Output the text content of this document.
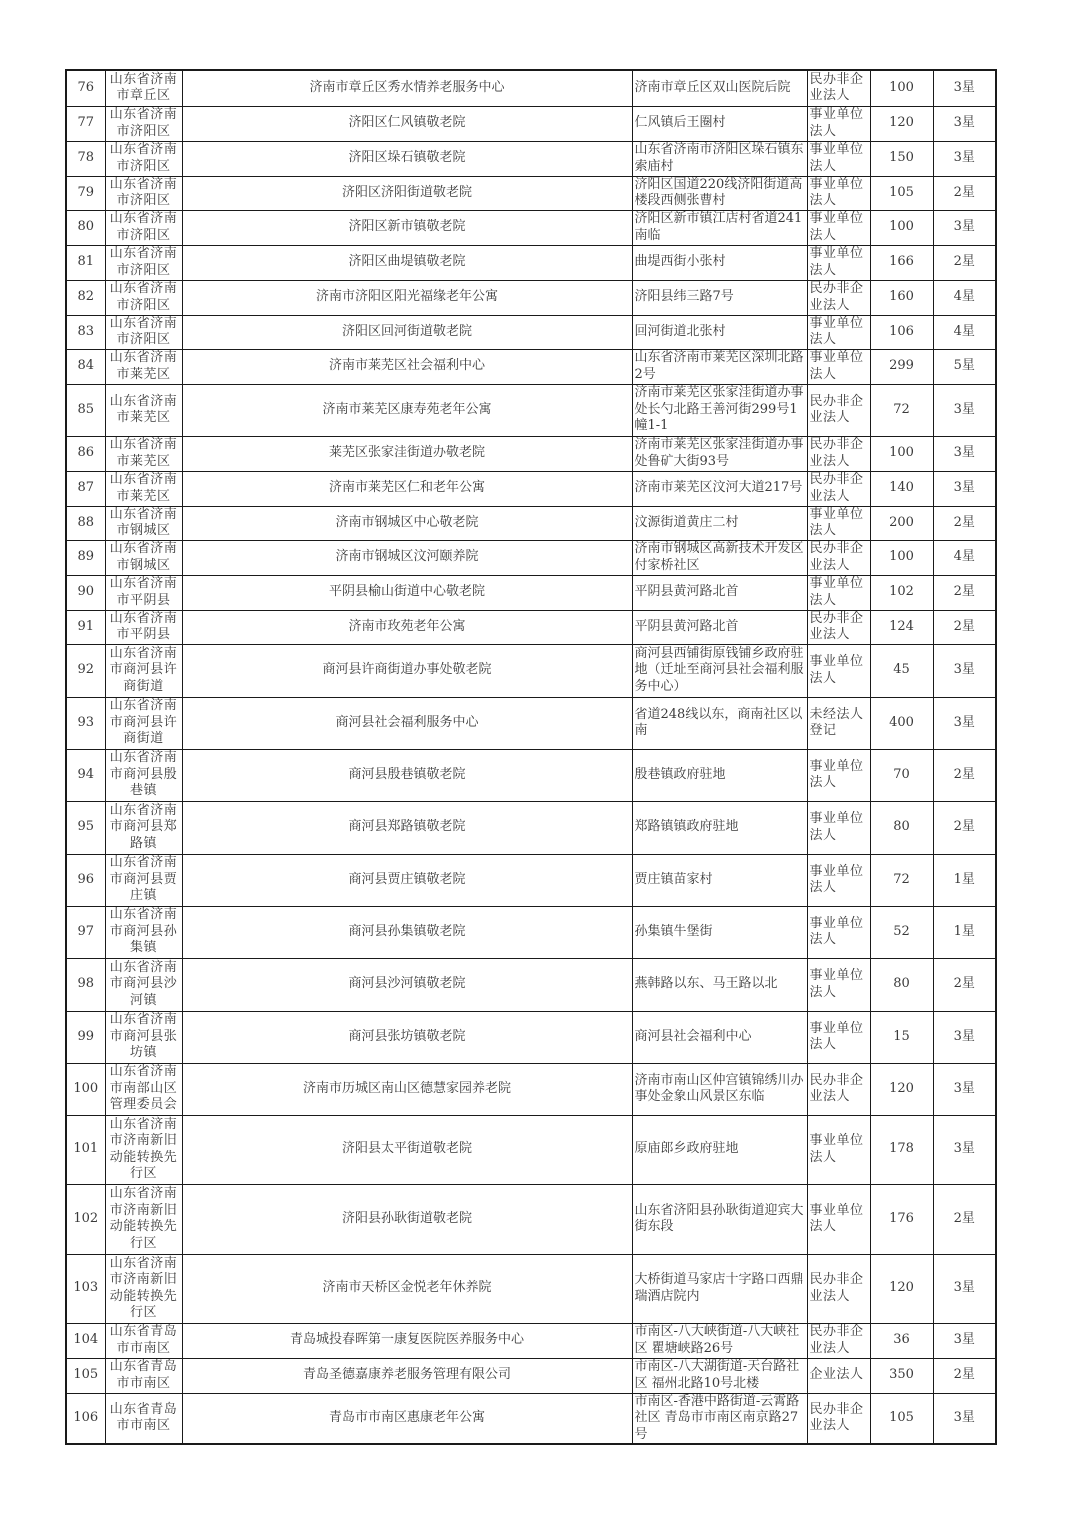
76	山东省济南市章丘区	济南市章丘区秀水情养老服务中心	济南市章丘区双山医院后院	民办非企业法人	100	3星
77	山东省济南市济阳区	济阳区仁风镇敬老院	仁风镇后王圈村	事业单位法人	120	3星
78	山东省济南市济阳区	济阳区垛石镇敬老院	山东省济南市济阳区垛石镇东索庙村	事业单位法人	150	3星
79	山东省济南市济阳区	济阳区济阳街道敬老院	济阳区国道220线济阳街道高楼段西侧张曹村	事业单位法人	105	2星
80	山东省济南市济阳区	济阳区新市镇敬老院	济阳区新市镇江店村省道241南临	事业单位法人	100	3星
81	山东省济南市济阳区	济阳区曲堤镇敬老院	曲堤西街小张村	事业单位法人	166	2星
82	山东省济南市济阳区	济南市济阳区阳光福缘老年公寓	济阳县纬三路7号	民办非企业法人	160	4星
83	山东省济南市济阳区	济阳区回河街道敬老院	回河街道北张村	事业单位法人	106	4星
84	山东省济南市莱芜区	济南市莱芜区社会福利中心	山东省济南市莱芜区深圳北路2号	事业单位法人	299	5星
85	山东省济南市莱芜区	济南市莱芜区康寿苑老年公寓	济南市莱芜区张家洼街道办事处长勺北路王善河街299号1幢1-1	民办非企业法人	72	3星
86	山东省济南市莱芜区	莱芜区张家洼街道办敬老院	济南市莱芜区张家洼街道办事处鲁矿大街93号	民办非企业法人	100	3星
87	山东省济南市莱芜区	济南市莱芜区仁和老年公寓	济南市莱芜区汶河大道217号	民办非企业法人	140	3星
88	山东省济南市钢城区	济南市钢城区中心敬老院	汶源街道黄庄二村	事业单位法人	200	2星
89	山东省济南市钢城区	济南市钢城区汶河颐养院	济南市钢城区高新技术开发区付家桥社区	民办非企业法人	100	4星
90	山东省济南市平阴县	平阴县榆山街道中心敬老院	平阴县黄河路北首	事业单位法人	102	2星
91	山东省济南市平阴县	济南市玫苑老年公寓	平阴县黄河路北首	民办非企业法人	124	2星
92	山东省济南市商河县许商街道	商河县许商街道办事处敬老院	商河县西铺街原钱铺乡政府驻地（迁址至商河县社会福利服务中心）	事业单位法人	45	3星
93	山东省济南市商河县许商街道	商河县社会福利服务中心	省道248线以东，商南社区以南	未经法人登记	400	3星
94	山东省济南市商河县殷巷镇	商河县殷巷镇敬老院	殷巷镇政府驻地	事业单位法人	70	2星
95	山东省济南市商河县郑路镇	商河县郑路镇敬老院	郑路镇镇政府驻地	事业单位法人	80	2星
96	山东省济南市商河县贾庄镇	商河县贾庄镇敬老院	贾庄镇苗家村	事业单位法人	72	1星
97	山东省济南市商河县孙集镇	商河县孙集镇敬老院	孙集镇牛堡街	事业单位法人	52	1星
98	山东省济南市商河县沙河镇	商河县沙河镇敬老院	燕韩路以东、马王路以北	事业单位法人	80	2星
99	山东省济南市商河县张坊镇	商河县张坊镇敬老院	商河县社会福利中心	事业单位法人	15	3星
100	山东省济南市南部山区管理委员会	济南市历城区南山区德慧家园养老院	济南市南山区仲宫镇锦绣川办事处金象山风景区东临	民办非企业法人	120	3星
101	山东省济南市济南新旧动能转换先行区	济阳县太平街道敬老院	原庙郎乡政府驻地	事业单位法人	178	3星
102	山东省济南市济南新旧动能转换先行区	济阳县孙耿街道敬老院	山东省济阳县孙耿街道迎宾大街东段	事业单位法人	176	2星
103	山东省济南市济南新旧动能转换先行区	济南市天桥区金悦老年休养院	大桥街道马家店十字路口西鼎瑞酒店院内	民办非企业法人	120	3星
104	山东省青岛市市南区	青岛城投春晖第一康复医院医养服务中心	市南区-八大峡街道-八大峡社区 瞿塘峡路26号	民办非企业法人	36	3星
105	山东省青岛市市南区	青岛圣德嘉康养老服务管理有限公司	市南区-八大湖街道-天台路社区 福州北路10号北楼	企业法人	350	2星
106	山东省青岛市市南区	青岛市市南区惠康老年公寓	市南区-香港中路街道-云霄路社区 青岛市市南区南京路27号	民办非企业法人	105	3星
